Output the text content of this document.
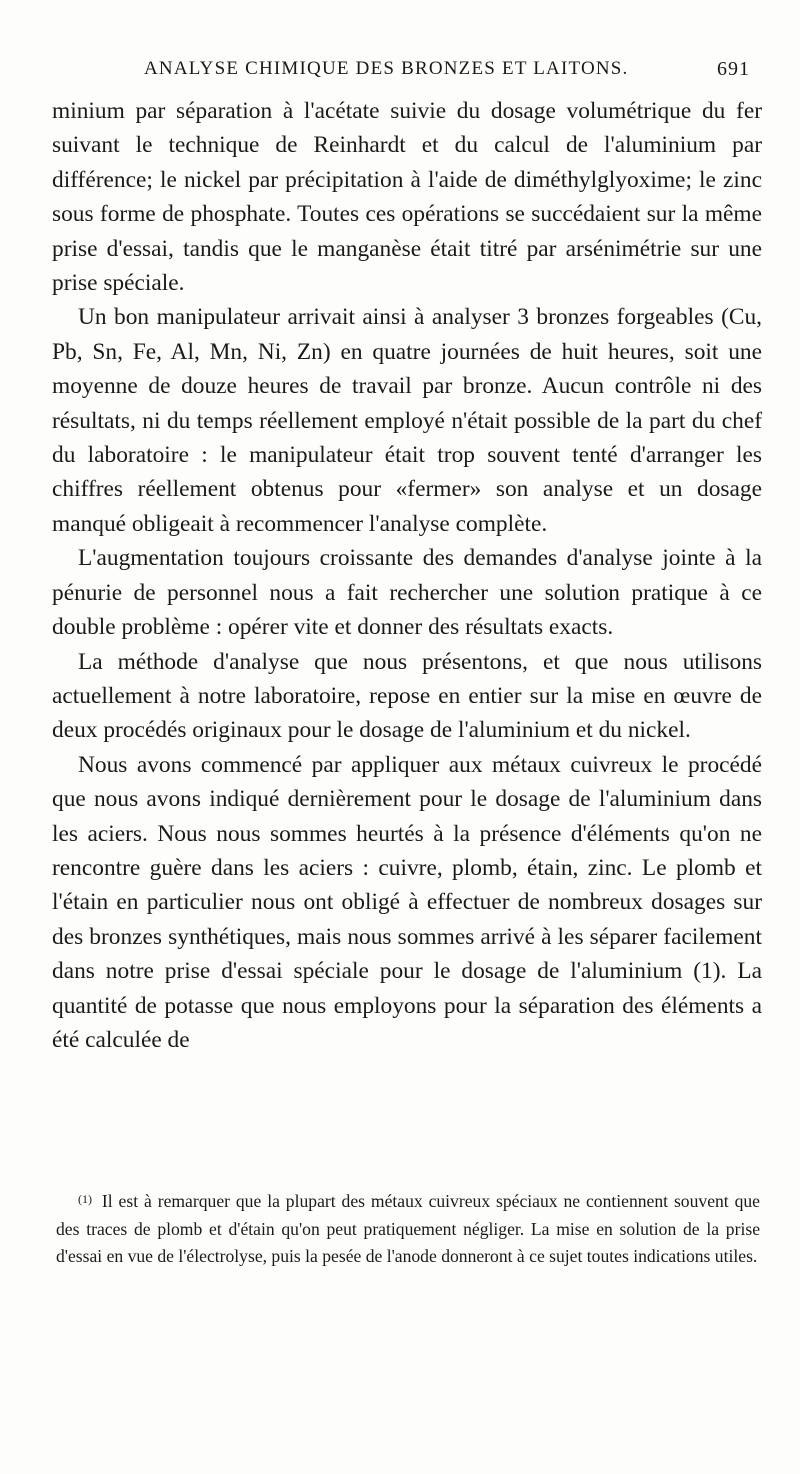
ANALYSE CHIMIQUE DES BRONZES ET LAITONS.	691

minium par séparation à l'acétate suivie du dosage volumétrique du fer suivant le technique de Reinhardt et du calcul de l'aluminium par différence; le nickel par précipitation à l'aide de diméthylglyoxime; le zinc sous forme de phosphate. Toutes ces opérations se succédaient sur la même prise d'essai, tandis que le manganèse était titré par arsénimétrie sur une prise spéciale.

Un bon manipulateur arrivait ainsi à analyser 3 bronzes forgeables (Cu, Pb, Sn, Fe, Al, Mn, Ni, Zn) en quatre journées de huit heures, soit une moyenne de douze heures de travail par bronze. Aucun contrôle ni des résultats, ni du temps réellement employé n'était possible de la part du chef du laboratoire : le manipulateur était trop souvent tenté d'arranger les chiffres réellement obtenus pour «fermer» son analyse et un dosage manqué obligeait à recommencer l'analyse complète.

L'augmentation toujours croissante des demandes d'analyse jointe à la pénurie de personnel nous a fait rechercher une solution pratique à ce double problème : opérer vite et donner des résultats exacts.

La méthode d'analyse que nous présentons, et que nous utilisons actuellement à notre laboratoire, repose en entier sur la mise en œuvre de deux procédés originaux pour le dosage de l'aluminium et du nickel.

Nous avons commencé par appliquer aux métaux cuivreux le procédé que nous avons indiqué dernièrement pour le dosage de l'aluminium dans les aciers. Nous nous sommes heurtés à la présence d'éléments qu'on ne rencontre guère dans les aciers : cuivre, plomb, étain, zinc. Le plomb et l'étain en particulier nous ont obligé à effectuer de nombreux dosages sur des bronzes synthétiques, mais nous sommes arrivé à les séparer facilement dans notre prise d'essai spéciale pour le dosage de l'aluminium (1). La quantité de potasse que nous employons pour la séparation des éléments a été calculée de

$^{(1)}$ Il est à remarquer que la plupart des métaux cuivreux spéciaux ne contiennent souvent que des traces de plomb et d'étain qu'on peut pratiquement négliger. La mise en solution de la prise d'essai en vue de l'électrolyse, puis la pesée de l'anode donneront à ce sujet toutes indications utiles.
